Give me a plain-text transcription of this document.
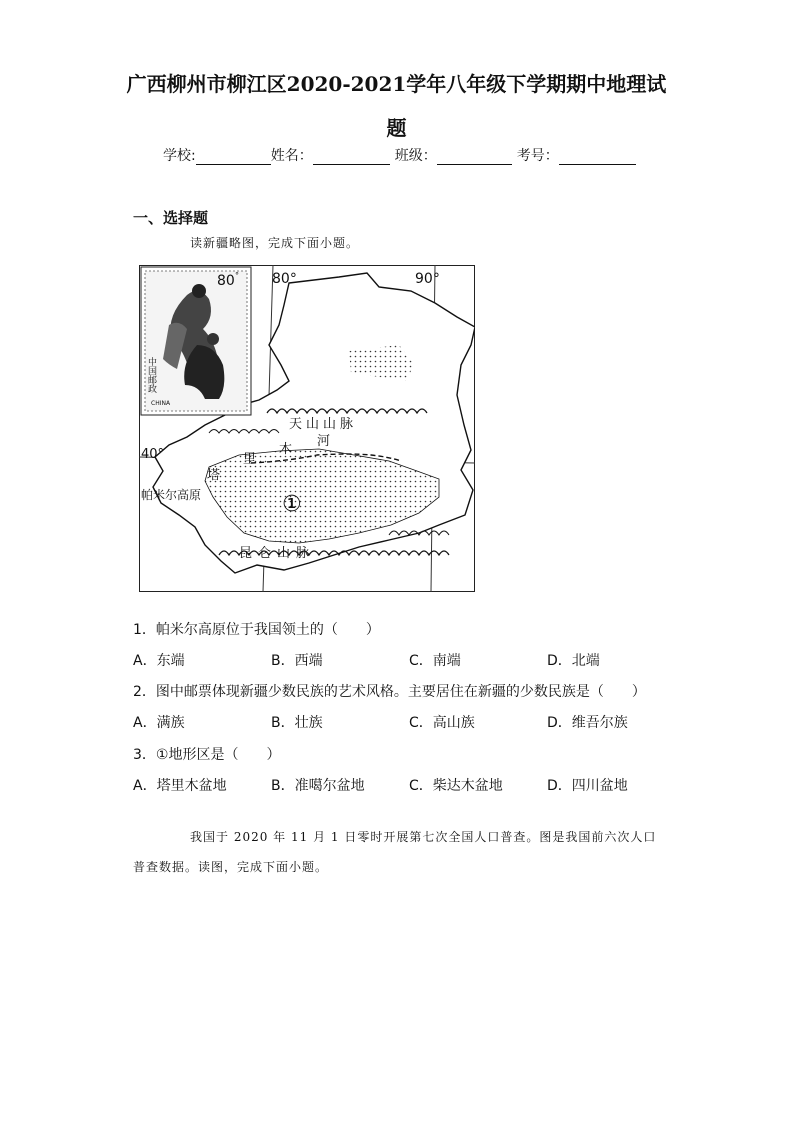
广西柳州市柳江区2020-2021学年八年级下学期期中地理试
题
学校:	姓名：	班级：	考号：
一、选择题
读新疆略图，完成下面小题。
80 °
中国邮政
CHINA
80°	90°
40°
天山山脉
塔
里
木
河
帕米尔高原
昆仑山脉
①
1．帕米尔高原位于我国领土的（　　）
A．东端	B．西端	C．南端	D．北端
2．图中邮票体现新疆少数民族的艺术风格。主要居住在新疆的少数民族是（　　）
A．满族	B．壮族	C．高山族	D．维吾尔族
3．①地形区是（　　）
A．塔里木盆地	B．准噶尔盆地	C．柴达木盆地	D．四川盆地
我国于 2020 年 11 月 1 日零时开展第七次全国人口普查。图是我国前六次人口
普查数据。读图，完成下面小题。
